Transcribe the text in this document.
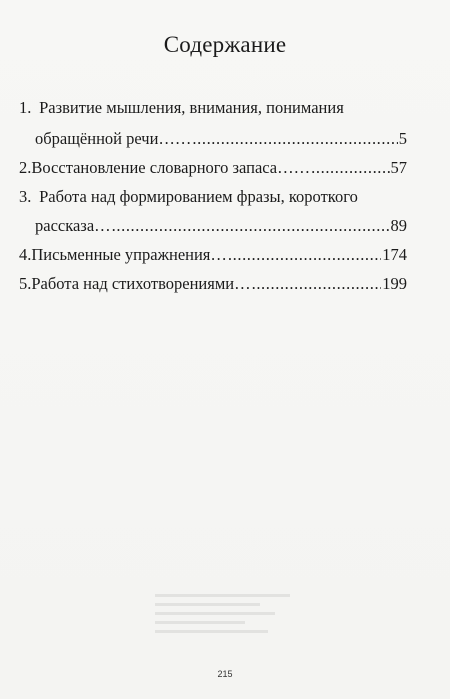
Содержание
1. Развитие мышления, внимания, понимания
обращённой речи…… .....	5
2. Восстановление словарного запаса…… .....	57
3. Работа над формированием фразы, короткого
рассказа… .....	89
4. Письменные упражнения… .....	174
5. Работа над стихотворениями… .....	199
215
